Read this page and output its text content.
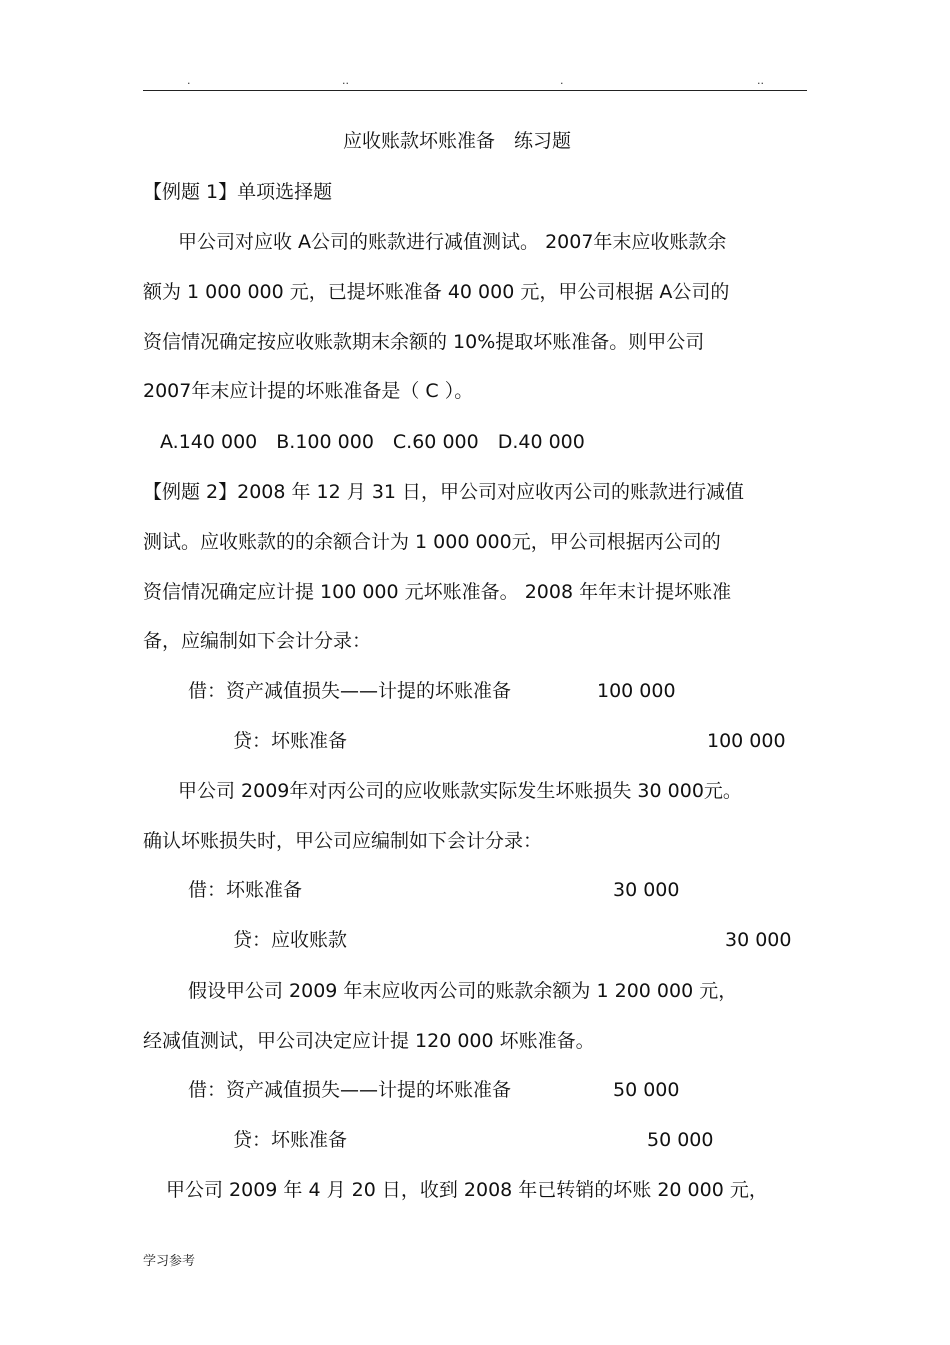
.	..	.	..
应收账款坏账准备　练习题
【例题 1】单项选择题
甲公司对应收 A公司的账款进行减值测试。 2007年末应收账款余
额为 1 000 000 元，已提坏账准备 40 000 元，甲公司根据 A公司的
资信情况确定按应收账款期末余额的 10%提取坏账准备。则甲公司
2007年末应计提的坏账准备是（ C ）。
A.140 000　B.100 000　C.60 000　D.40 000
【例题 2】2008 年 12 月 31 日，甲公司对应收丙公司的账款进行减值
测试。应收账款的的余额合计为 1 000 000元，甲公司根据丙公司的
资信情况确定应计提 100 000 元坏账准备。 2008 年年末计提坏账准
备，应编制如下会计分录：
借：资产减值损失——计提的坏账准备	100 000
贷：坏账准备	100 000
甲公司 2009年对丙公司的应收账款实际发生坏账损失 30 000元。
确认坏账损失时，甲公司应编制如下会计分录：
借：坏账准备	30 000
贷：应收账款	30 000
假设甲公司 2009 年末应收丙公司的账款余额为 1 200 000 元，
经减值测试，甲公司决定应计提 120 000 坏账准备。
借：资产减值损失——计提的坏账准备	50 000
贷：坏账准备	50 000
甲公司 2009 年 4 月 20 日，收到 2008 年已转销的坏账 20 000 元，
学习参考
